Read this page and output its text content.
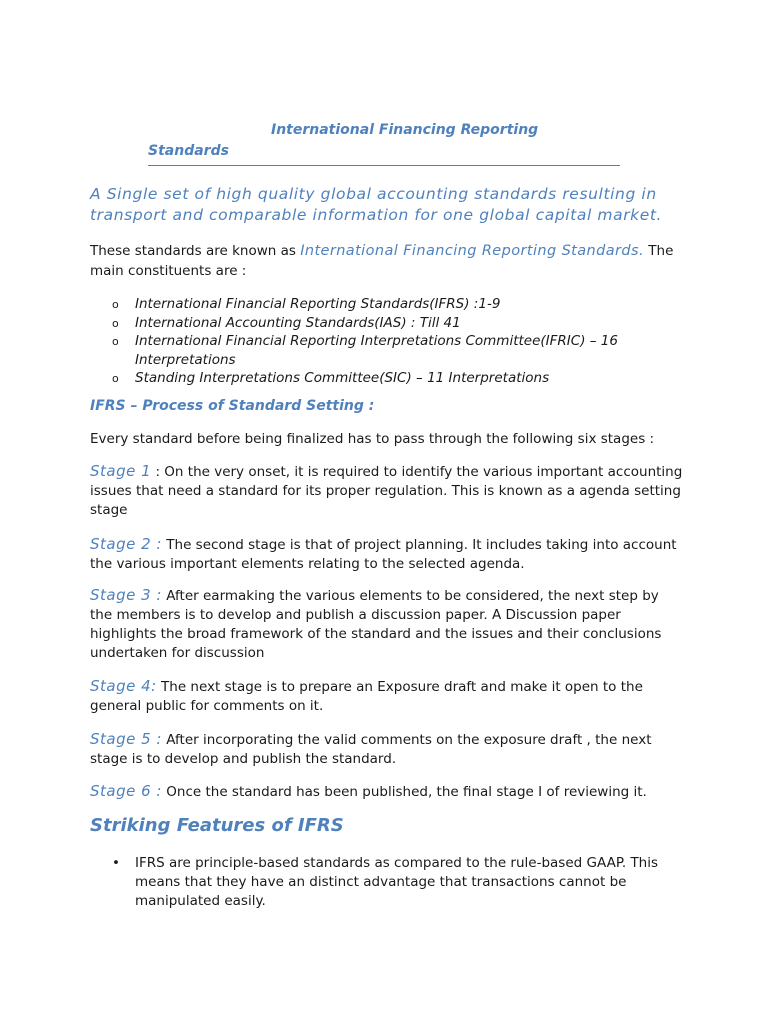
International Financing Reporting
Standards
A Single set of high quality global accounting standards resulting in transport and comparable information for one global capital market.
These standards are known as International Financing Reporting Standards. The main constituents are :
o International Financial Reporting Standards(IFRS) :1-9
o International Accounting Standards(IAS) : Till 41
o International Financial Reporting Interpretations Committee(IFRIC) – 16 Interpretations
o Standing Interpretations Committee(SIC) – 11 Interpretations
IFRS – Process of Standard Setting :
Every standard before being finalized has to pass through the following six stages :
Stage 1 : On the very onset, it is required to identify the various important accounting issues that need a standard for its proper regulation. This is known as a agenda setting stage
Stage 2 : The second stage is that of project planning. It includes taking into account the various important elements relating to the selected agenda.
Stage 3 : After earmaking the various elements to be considered, the next step by the members is to develop and publish a discussion paper. A Discussion paper highlights the broad framework of the standard and the issues and their conclusions undertaken for discussion
Stage 4: The next stage is to prepare an Exposure draft and make it open to the general public for comments on it.
Stage 5 : After incorporating the valid comments on the exposure draft , the next stage is to develop and publish the standard.
Stage 6 : Once the standard has been published, the final stage I of reviewing it.
Striking Features of IFRS
• IFRS are principle-based standards as compared to the rule-based GAAP. This means that they have an distinct advantage that transactions cannot be manipulated easily.
